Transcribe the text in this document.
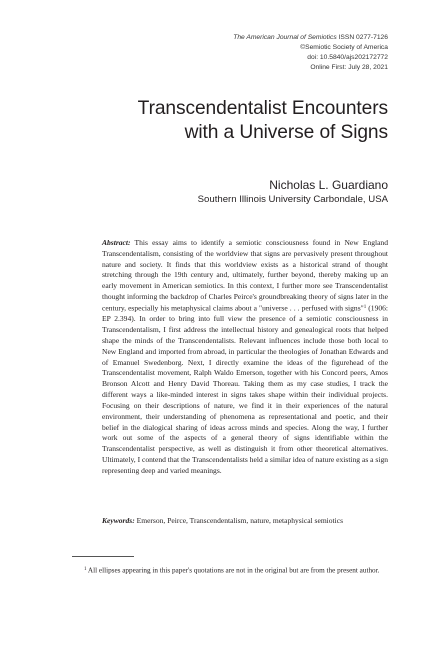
The American Journal of Semiotics ISSN 0277-7126
©Semiotic Society of America
doi: 10.5840/ajs202172772
Online First: July 28, 2021
Transcendentalist Encounters
with a Universe of Signs
Nicholas L. Guardiano
Southern Illinois University Carbondale, USA

Abstract: This essay aims to identify a semiotic consciousness found in New England Transcendentalism, consisting of the worldview that signs are pervasively present throughout nature and society. It finds that this worldview exists as a historical strand of thought stretching through the 19th century and, ultimately, further beyond, thereby making up an early movement in American semiotics. In this context, I further more see Transcendentalist thought informing the backdrop of Charles Peirce's groundbreaking theory of signs later in the century, especially his metaphysical claims about a "universe . . . perfused with signs"$^1$ (1906: EP 2.394). In order to bring into full view the presence of a semiotic consciousness in Transcendentalism, I first address the intellectual history and genealogical roots that helped shape the minds of the Transcendentalists. Relevant influences include those both local to New England and imported from abroad, in particular the theologies of Jonathan Edwards and of Emanuel Swedenborg. Next, I directly examine the ideas of the figurehead of the Transcendentalist movement, Ralph Waldo Emerson, together with his Concord peers, Amos Bronson Alcott and Henry David Thoreau. Taking them as my case studies, I track the different ways a like-minded interest in signs takes shape within their individual projects. Focusing on their descriptions of nature, we find it in their experiences of the natural environment, their understanding of phenomena as representational and poetic, and their belief in the dialogical sharing of ideas across minds and species. Along the way, I further work out some of the aspects of a general theory of signs identifiable within the Transcendentalist perspective, as well as distinguish it from other theoretical alternatives. Ultimately, I contend that the Transcendentalists held a similar idea of nature existing as a sign representing deep and varied meanings.

Keywords: Emerson, Peirce, Transcendentalism, nature, metaphysical semiotics

$^1$ All ellipses appearing in this paper's quotations are not in the original but are from the present author.
